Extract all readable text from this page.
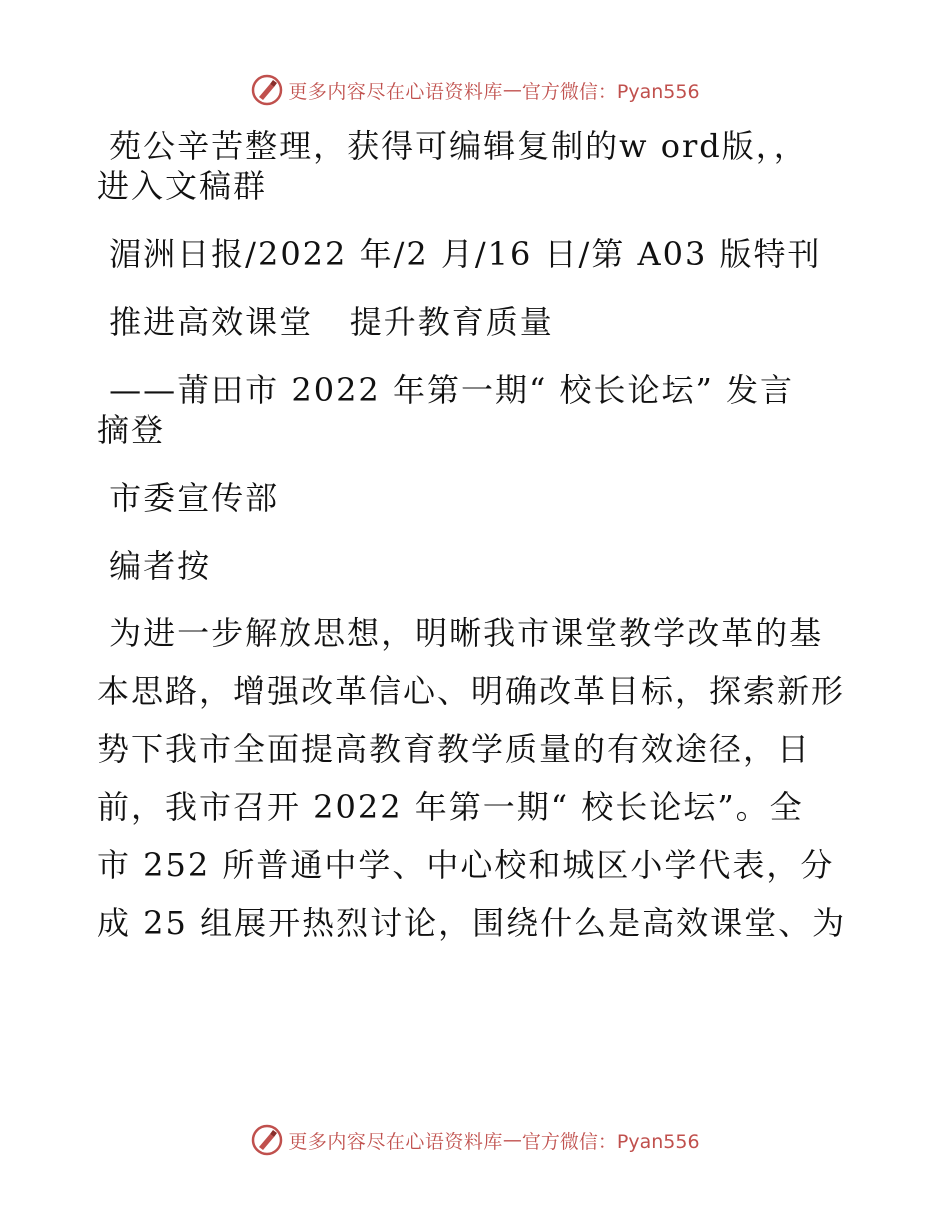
更多内容尽在心语资料库 — 官方微信：Pyan556
苑公辛苦整理，获得可编辑复制的w ord版，，
进入文稿群
湄洲日报/2022 年/2 月/16 日/第 A03 版特刊
推进高效课堂   提升教育质量
——莆田市 2022 年第一期“ 校长论坛” 发言
摘登
市委宣传部
编者按
为进一步解放思想，明晰我市课堂教学改革的基
本思路，增强改革信心、明确改革目标，探索新形
势下我市全面提高教育教学质量的有效途径，日
前，我市召开 2022 年第一期“ 校长论坛”。全
市 252 所普通中学、中心校和城区小学代表，分
成 25 组展开热烈讨论，围绕什么是高效课堂、为
更多内容尽在心语资料库 — 官方微信：Pyan556
